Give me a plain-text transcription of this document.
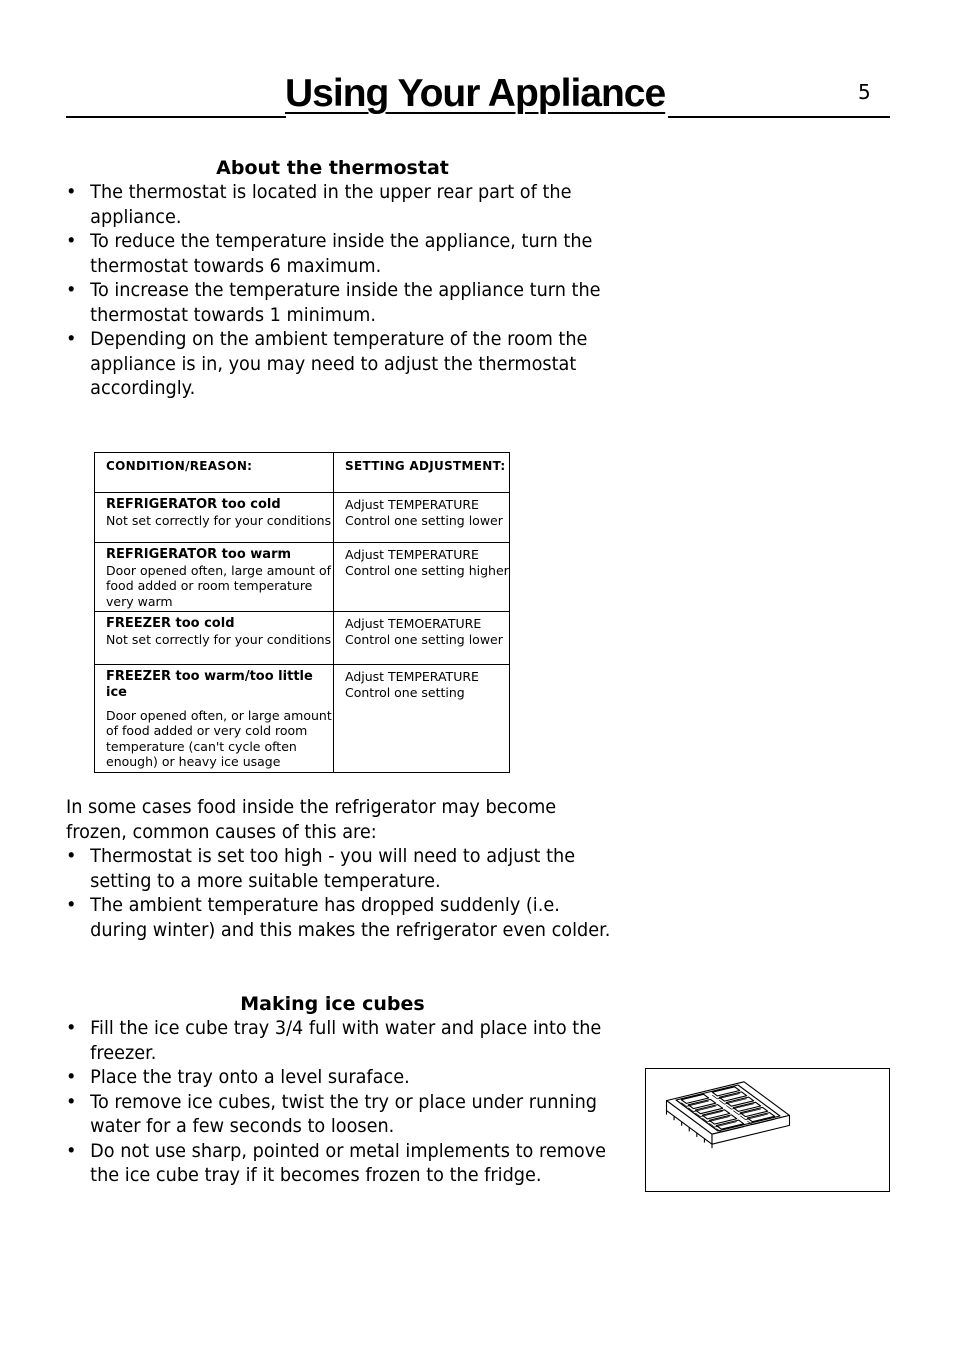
Using Your Appliance	5
About the thermostat
• The thermostat is located in the upper rear part of the appliance.
• To reduce the temperature inside the appliance, turn the thermostat towards 6 maximum.
• To increase the temperature inside the appliance turn the thermostat towards 1 minimum.
• Depending on the ambient temperature of the room the appliance is in, you may need to adjust the thermostat accordingly.
CONDITION/REASON:	SETTING ADJUSTMENT:

REFRIGERATOR too cold
Not set correctly for your conditions	Adjust TEMPERATURE Control one setting lower

REFRIGERATOR too warm
Door opened often, large amount of food added or room temperature very warm	Adjust TEMPERATURE Control one setting higher

FREEZER too cold
Not set correctly for your conditions	Adjust TEMOERATURE Control one setting lower

FREEZER too warm/too little ice
Door opened often, or large amount of food added or very cold room temperature (can't cycle often enough) or heavy ice usage	Adjust TEMPERATURE Control one setting
In some cases food inside the refrigerator may become frozen, common causes of this are:
• Thermostat is set too high - you will need to adjust the setting to a more suitable temperature.
• The ambient temperature has dropped suddenly (i.e. during winter) and this makes the refrigerator even colder.
Making ice cubes
• Fill the ice cube tray 3/4 full with water and place into the freezer.
• Place the tray onto a level suraface.
• To remove ice cubes, twist the try or place under running water for a few seconds to loosen.
• Do not use sharp, pointed or metal implements to remove the ice cube tray if it becomes frozen to the fridge.
